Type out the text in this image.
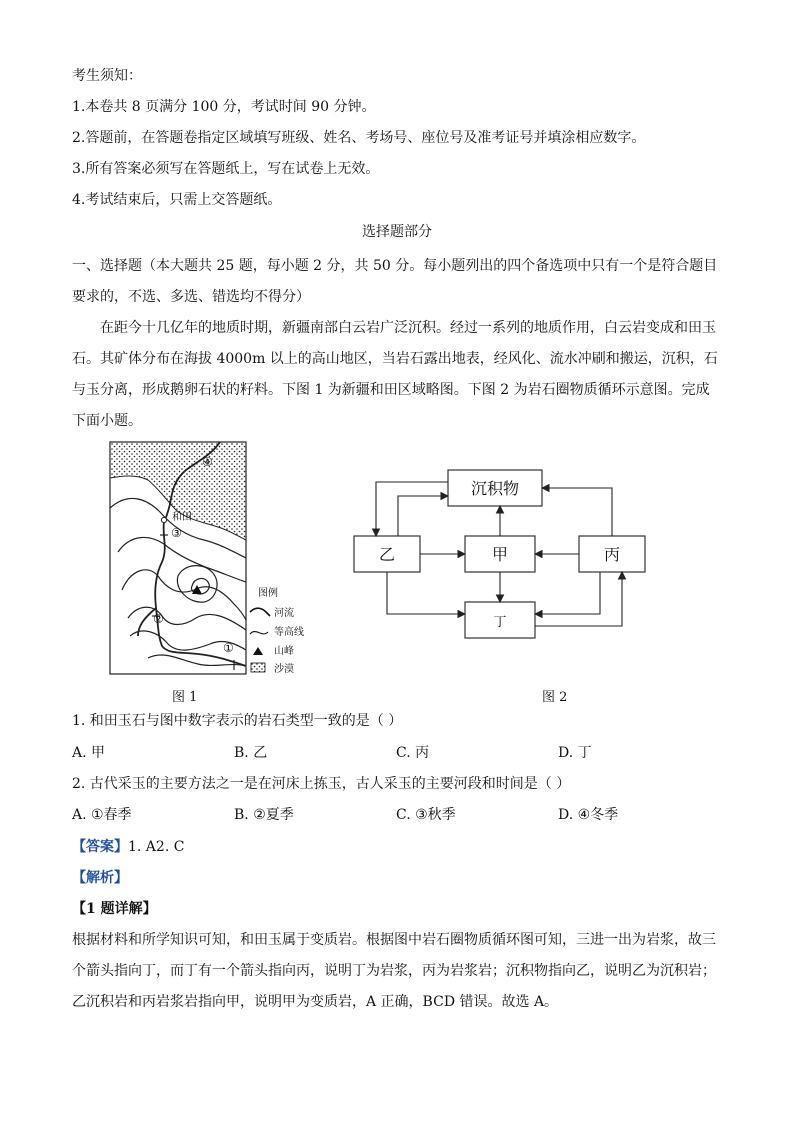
考生须知：
1.本卷共 8 页满分 100 分，考试时间 90 分钟。
2.答题前，在答题卷指定区域填写班级、姓名、考场号、座位号及准考证号并填涂相应数字。
3.所有答案必须写在答题纸上，写在试卷上无效。
4.考试结束后，只需上交答题纸。
选择题部分
一、选择题（本大题共 25 题，每小题 2 分，共 50 分。每小题列出的四个备选项中只有一个是符合题目要求的，不选、多选、错选均不得分）
在距今十几亿年的地质时期，新疆南部白云岩广泛沉积。经过一系列的地质作用，白云岩变成和田玉石。其矿体分布在海拔 4000m 以上的高山地区，当岩石露出地表，经风化、流水冲刷和搬运，沉积，石与玉分离，形成鹅卵石状的籽料。下图 1 为新疆和田区域略图。下图 2 为岩石圈物质循环示意图。完成下面小题。
和田
①
②
③
④
图例
河流
等高线
山峰
沙漠
图 1
沉积物
乙	甲	丙
丁
图 2
1. 和田玉石与图中数字表示的岩石类型一致的是（ ）
A. 甲	B. 乙	C. 丙	D. 丁
2. 古代采玉的主要方法之一是在河床上拣玉，古人采玉的主要河段和时间是（ ）
A. ①春季	B. ②夏季	C. ③秋季	D. ④冬季
【答案】1. A2. C
【解析】
【1 题详解】
根据材料和所学知识可知，和田玉属于变质岩。根据图中岩石圈物质循环图可知，三进一出为岩浆，故三个箭头指向丁，而丁有一个箭头指向丙，说明丁为岩浆，丙为岩浆岩；沉积物指向乙，说明乙为沉积岩；乙沉积岩和丙岩浆岩指向甲，说明甲为变质岩，A 正确，BCD 错误。故选 A。
